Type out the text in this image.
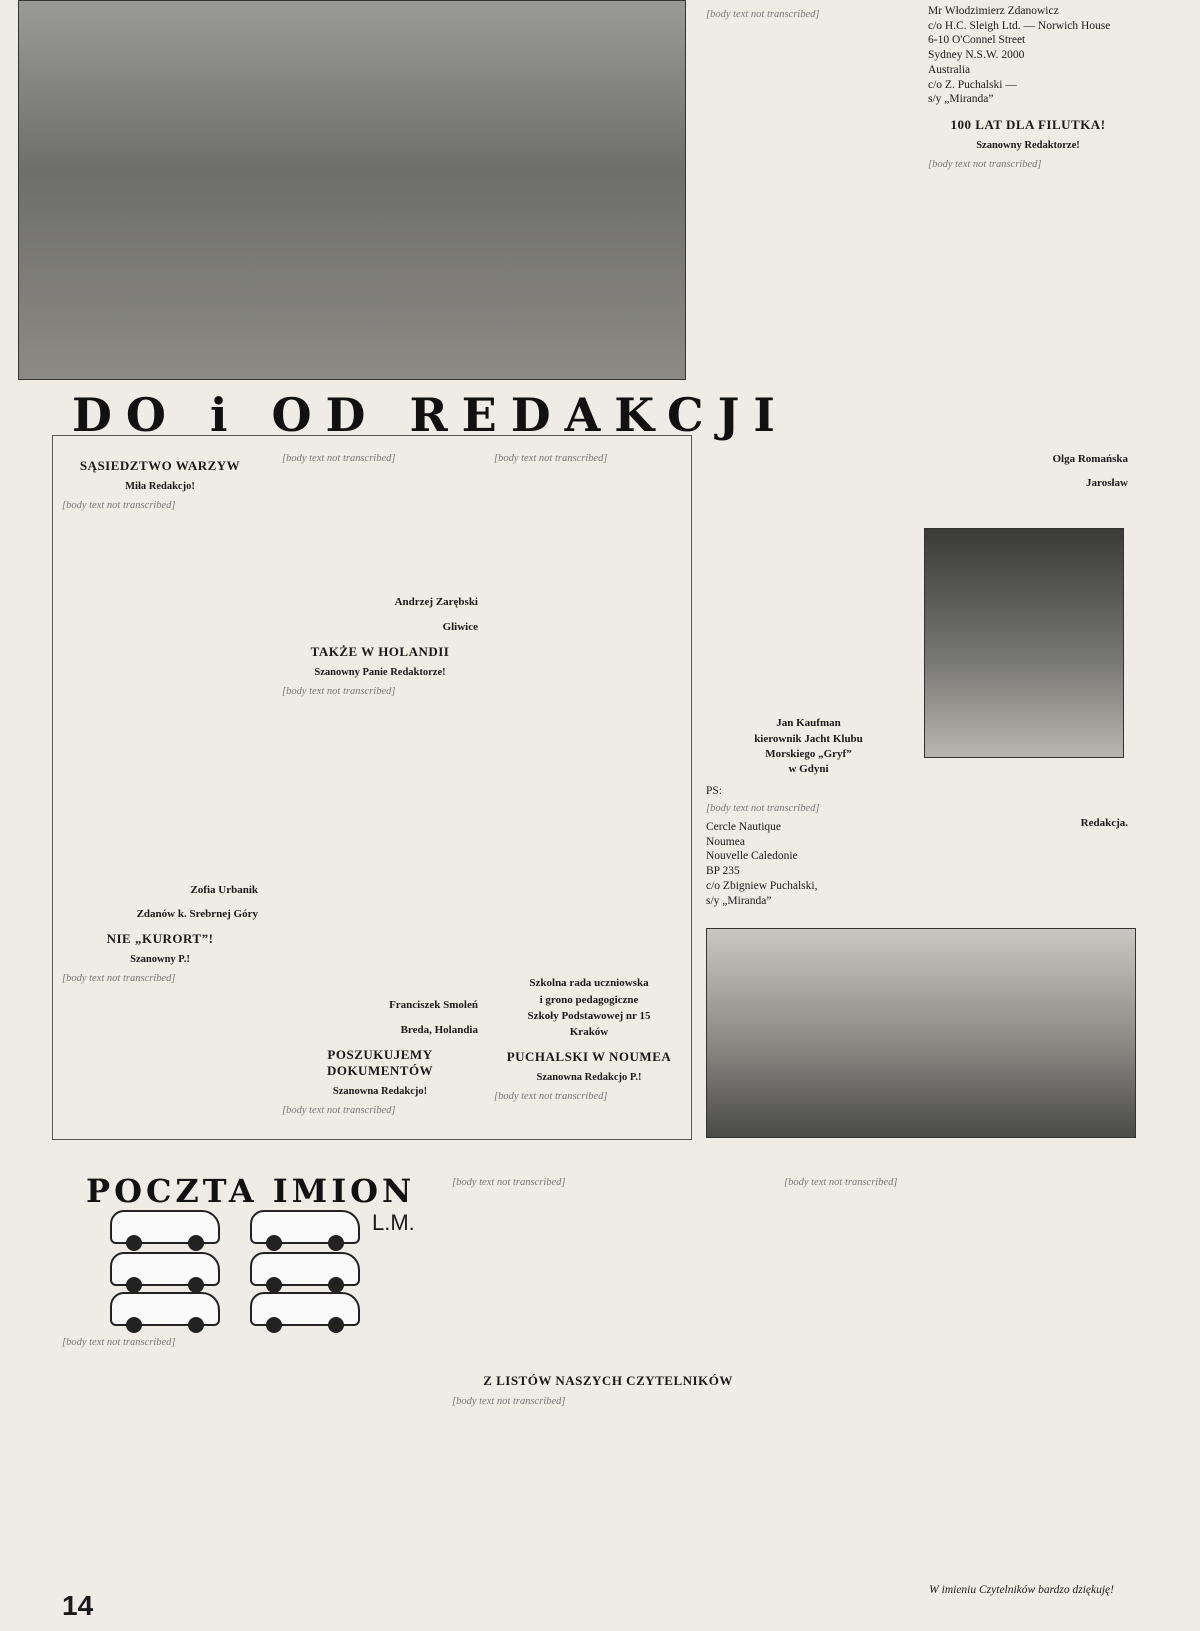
DO i OD REDAKCJI
SĄSIEDZTWO WARZYW
Miła Redakcjo!

[body text not transcribed]

Zofia Urbanik
Zdanów k. Srebrnej Góry
NIE „KURORT”!
Szanowny P.!

[body text not transcribed]

[body text not transcribed]

Andrzej Zarębski
Gliwice
TAKŻE W HOLANDII
Szanowny Panie Redaktorze!

[body text not transcribed]

Franciszek Smoleń
Breda, Holandia
POSZUKUJEMY DOKUMENTÓW
Szanowna Redakcjo!

[body text not transcribed]

[body text not transcribed]

Szkolna rada uczniowska
i grono pedagogiczne
Szkoły Podstawowej nr 15
Kraków
PUCHALSKI W NOUMEA
Szanowna Redakcjo P.!

[body text not transcribed]

[body text not transcribed]

Jan Kaufman
kierownik Jacht Klubu
Morskiego „Gryf”
w Gdyni

PS:

[body text not transcribed]

Cercle Nautique
Noumea
Nouvelle Caledonie
BP 235
c/o Zbigniew Puchalski,
s/y „Miranda”
Mr Włodzimierz Zdanowicz
c/o H.C. Sleigh Ltd. — Norwich House
6-10 O'Connel Street
Sydney N.S.W. 2000
Australia
c/o Z. Puchalski —
s/y „Miranda”
100 LAT DLA FILUTKA!
Szanowny Redaktorze!

[body text not transcribed]

Olga Romańska
Jarosław

Redakcja.
POCZTA IMION
L.M.

[body text not transcribed]

[body text not transcribed]

Z LISTÓW NASZYCH CZYTELNIKÓW

[body text not transcribed]

[body text not transcribed]

W imieniu Czytelników bardzo dziękuję!

14
